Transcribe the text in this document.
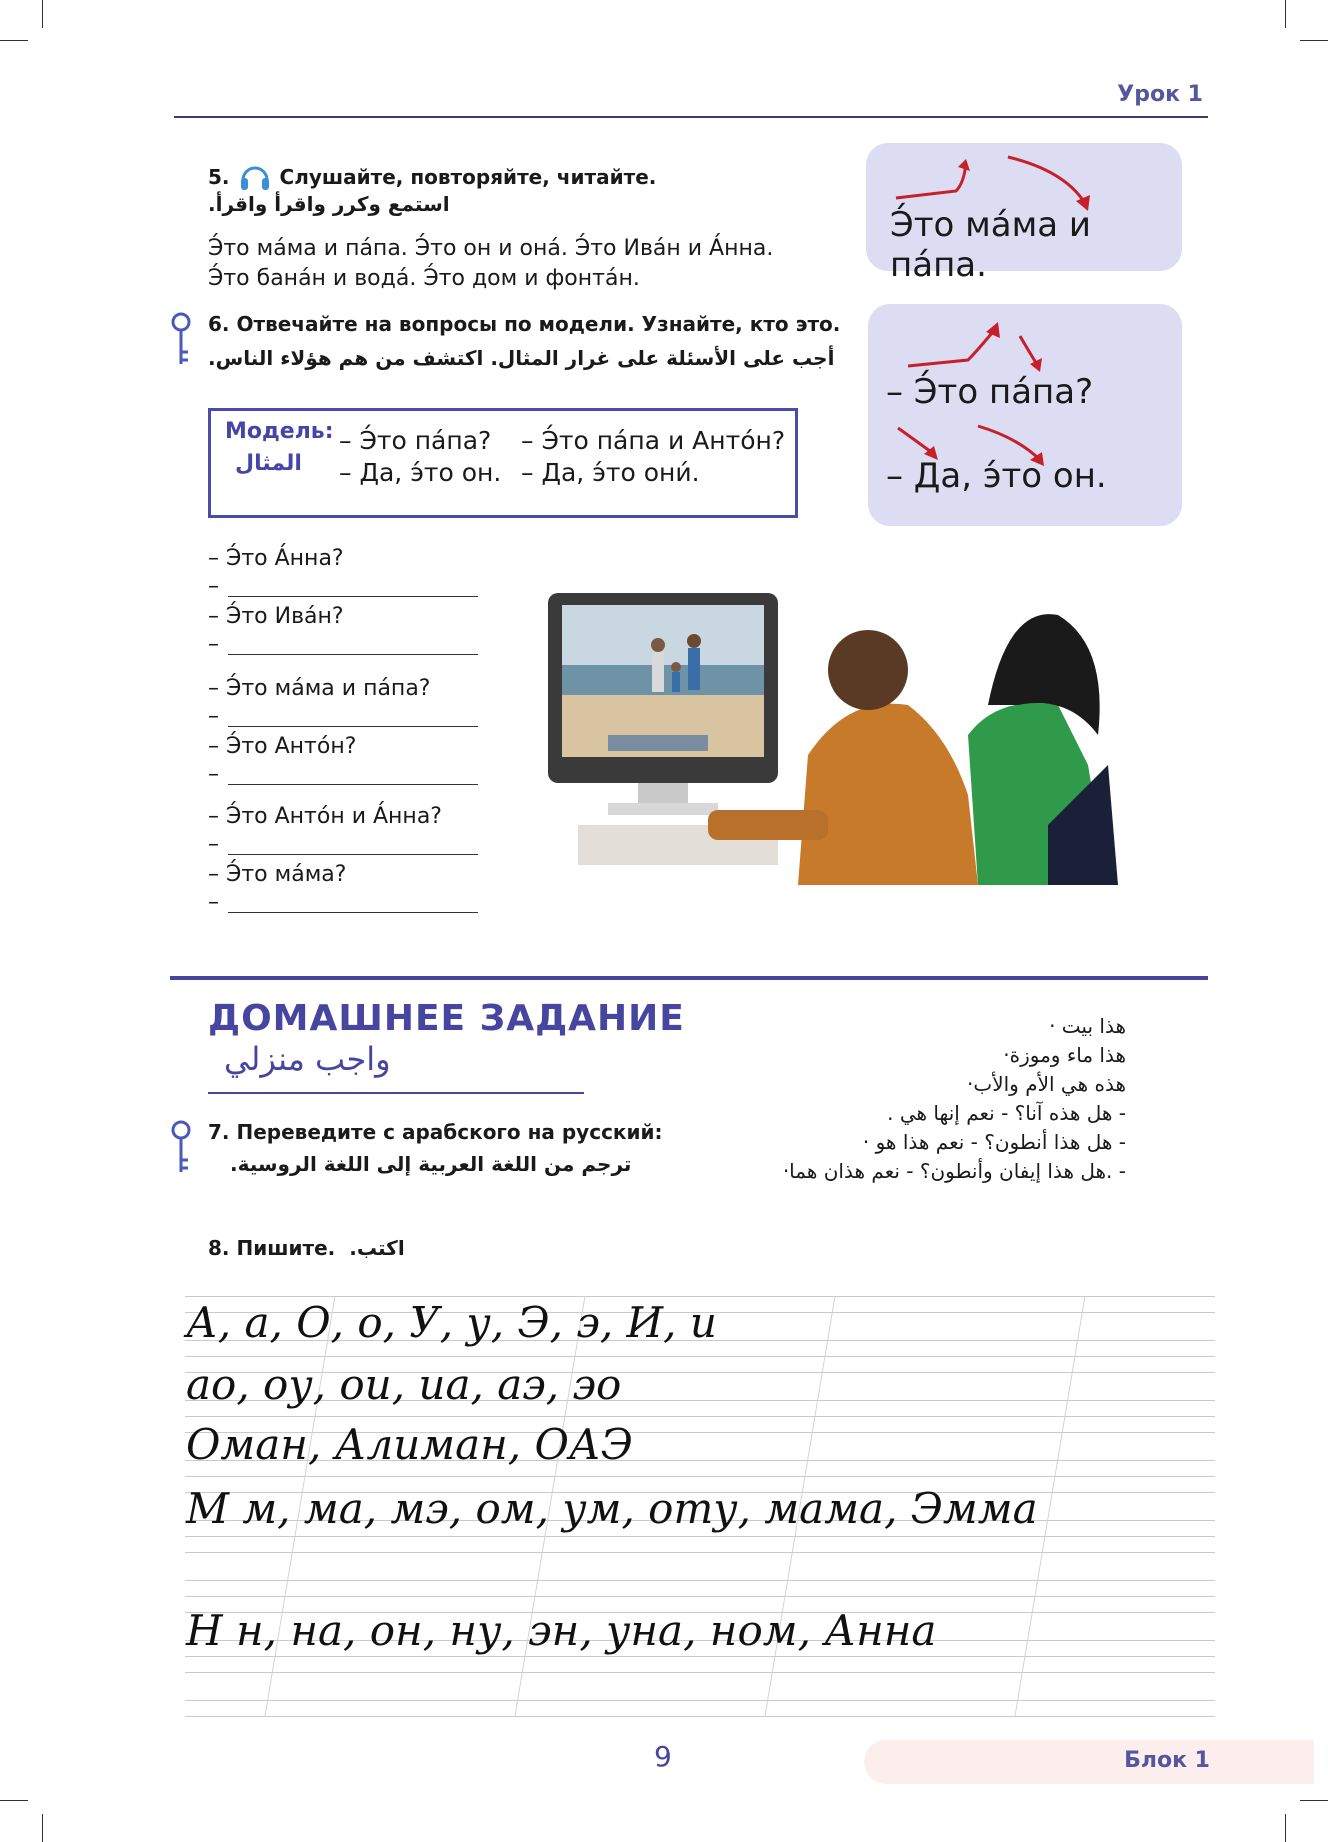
Урок 1
5.	Слушайте, повторяйте, читайте.
استمع وكرر واقرأ واقرأ.
Э́то ма́ма и па́па. Э́то он и она́. Э́то Ива́н и А́нна.
Э́то бана́н и вода́. Э́то дом и фонта́н.
Э́то ма́ма и па́па.
– Э́то па́па?
– Да, э́то он.
6. Отвечайте на вопросы по модели. Узнайте, кто это.
أجب على الأسئلة على غرار المثال. اكتشف من هم هؤلاء الناس.
Модель:
المثال
– Э́то па́па?
– Да, э́то он.
– Э́то па́па и Анто́н?
– Да, э́то они́.
– Э́то А́нна?
–
– Э́то Ива́н?
–
– Э́то ма́ма и па́па?
–
– Э́то Анто́н?
–
– Э́то Анто́н и А́нна?
–
– Э́то ма́ма?
–
ДОМАШНЕЕ ЗАДАНИЕ
واجب منزلي
7. Переведите с арабского на русский:
ترجم من اللغة العربية إلى اللغة الروسية.
هذا بيت ·
هذا ماء وموزة·
هذه هي الأم والأب·
- هل هذه آنا؟ - نعم إنها هي .
- هل هذا أنطون؟ - نعم هذا هو ·
- .هل هذا إيفان وأنطون؟ - نعم هذان هما·
8. Пишите. اكتب.
А, а, О, о, У, у, Э, э, И, и
ао, оу, ои, иа, аэ, эо
Оман, Алиман, ОАЭ
М м, ма, мэ, ом, ум, оту, мама, Эмма
Н н, на, он, ну, эн, уна, ном, Анна
9	Блок 1
